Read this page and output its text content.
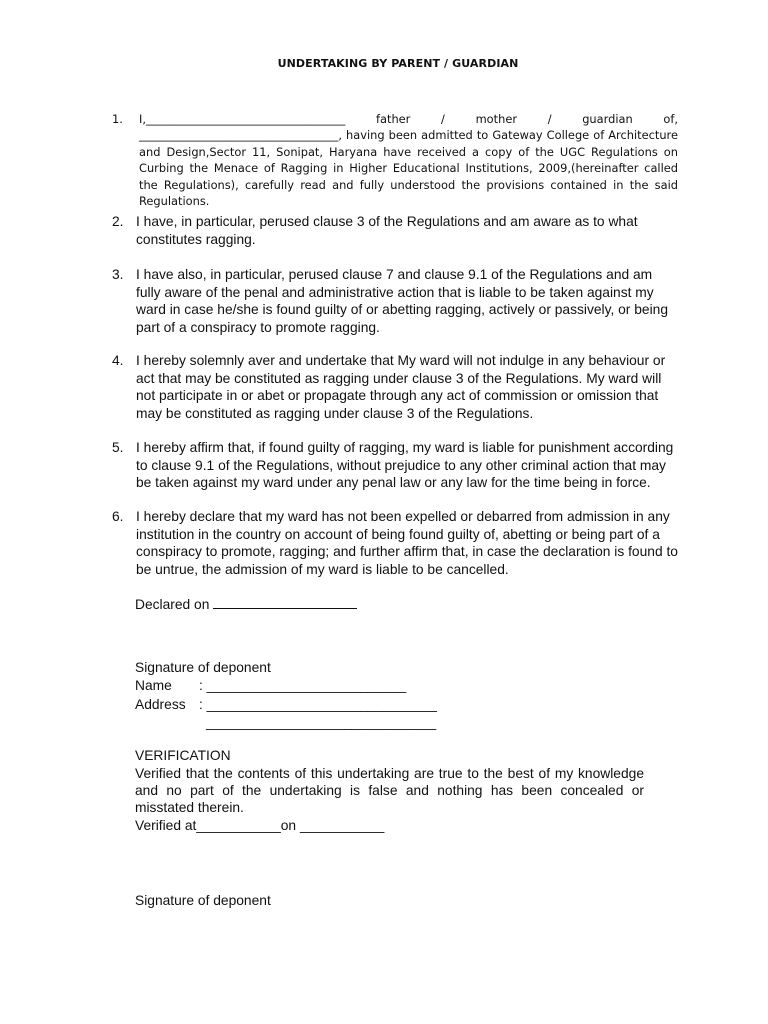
UNDERTAKING BY PARENT / GUARDIAN
1.	I,___________________________________	father	/	mother	/	guardian	of,
___________________________________, having been admitted to Gateway College of Architecture and Design,Sector 11, Sonipat, Haryana have received a copy of the UGC Regulations on Curbing the Menace of Ragging in Higher Educational Institutions, 2009,(hereinafter called the Regulations), carefully read and fully understood the provisions contained in the said Regulations.
2. I have, in particular, perused clause 3 of the Regulations and am aware as to what constitutes ragging.
3. I have also, in particular, perused clause 7 and clause 9.1 of the Regulations and am fully aware of the penal and administrative action that is liable to be taken against my ward in case he/she is found guilty of or abetting ragging, actively or passively, or being part of a conspiracy to promote ragging.
4. I hereby solemnly aver and undertake that My ward will not indulge in any behaviour or act that may be constituted as ragging under clause 3 of the Regulations. My ward will not participate in or abet or propagate through any act of commission or omission that may be constituted as ragging under clause 3 of the Regulations.
5. I hereby affirm that, if found guilty of ragging, my ward is liable for punishment according to clause 9.1 of the Regulations, without prejudice to any other criminal action that may be taken against my ward under any penal law or any law for the time being in force.
6. I hereby declare that my ward has not been expelled or debarred from admission in any institution in the country on account of being found guilty of, abetting or being part of a conspiracy to promote, ragging; and further affirm that, in case the declaration is found to be untrue, the admission of my ward is liable to be cancelled.
Declared on
Signature of deponent
Name : __________________________
Address : ______________________________
______________________________
VERIFICATION
Verified that the contents of this undertaking are true to the best of my knowledge and no part of the undertaking is false and nothing has been concealed or misstated therein.
Verified at___________on ___________
Signature of deponent
